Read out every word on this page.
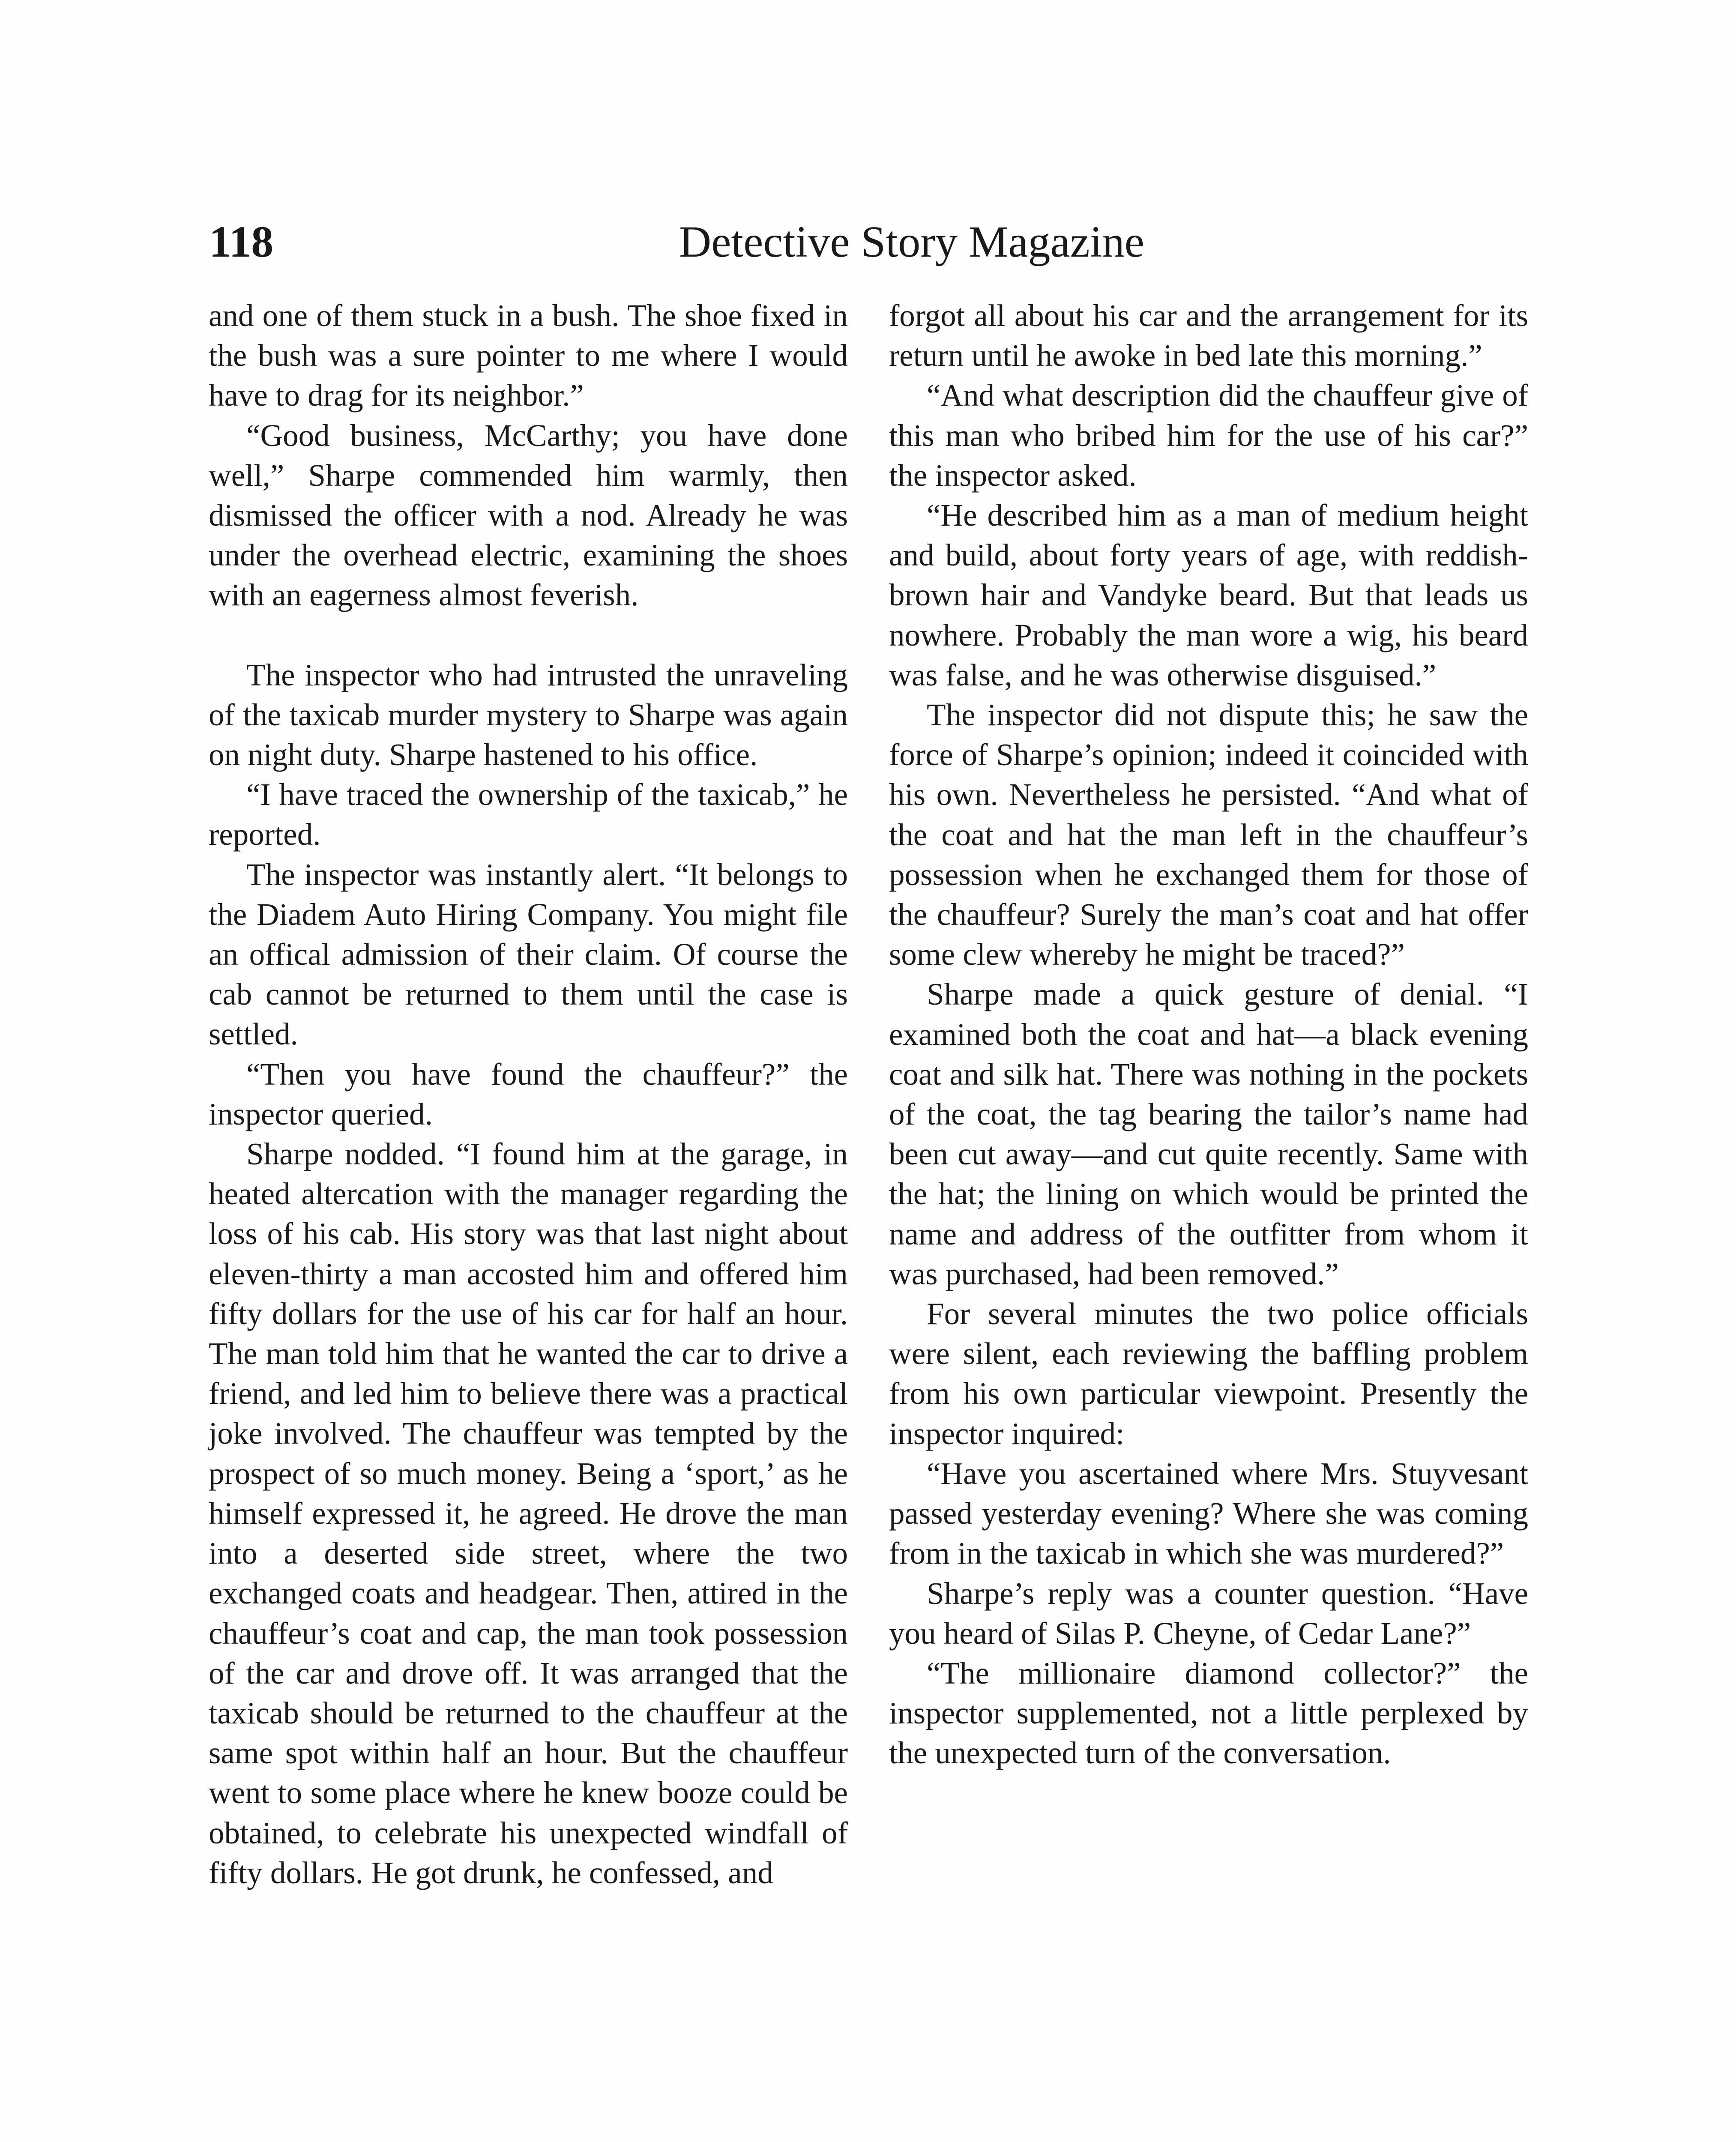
118	Detective Story Magazine

and one of them stuck in a bush. The shoe fixed in the bush was a sure pointer to me where I would have to drag for its neighbor.”

“Good business, McCarthy; you have done well,” Sharpe commended him warmly, then dismissed the officer with a nod. Already he was under the overhead electric, examining the shoes with an eagerness almost feverish.

The inspector who had intrusted the unraveling of the taxicab murder mystery to Sharpe was again on night duty. Sharpe hastened to his office.

“I have traced the ownership of the taxicab,” he reported.

The inspector was instantly alert. “It belongs to the Diadem Auto Hiring Company. You might file an offical admission of their claim. Of course the cab cannot be returned to them until the case is settled.

“Then you have found the chauffeur?” the inspector queried.

Sharpe nodded. “I found him at the garage, in heated altercation with the manager regarding the loss of his cab. His story was that last night about eleven-thirty a man accosted him and offered him fifty dollars for the use of his car for half an hour. The man told him that he wanted the car to drive a friend, and led him to believe there was a practical joke involved. The chauffeur was tempted by the prospect of so much money. Being a ‘sport,’ as he himself expressed it, he agreed. He drove the man into a deserted side street, where the two exchanged coats and headgear. Then, attired in the chauffeur’s coat and cap, the man took possession of the car and drove off. It was arranged that the taxicab should be returned to the chauffeur at the same spot within half an hour. But the chauffeur went to some place where he knew booze could be obtained, to celebrate his unexpected windfall of fifty dollars. He got drunk, he confessed, and

forgot all about his car and the arrangement for its return until he awoke in bed late this morning.”

“And what description did the chauffeur give of this man who bribed him for the use of his car?” the inspector asked.

“He described him as a man of medium height and build, about forty years of age, with reddish-brown hair and Vandyke beard. But that leads us nowhere. Probably the man wore a wig, his beard was false, and he was otherwise disguised.”

The inspector did not dispute this; he saw the force of Sharpe’s opinion; indeed it coincided with his own. Nevertheless he persisted. “And what of the coat and hat the man left in the chauffeur’s possession when he exchanged them for those of the chauffeur? Surely the man’s coat and hat offer some clew whereby he might be traced?”

Sharpe made a quick gesture of denial. “I examined both the coat and hat—a black evening coat and silk hat. There was nothing in the pockets of the coat, the tag bearing the tailor’s name had been cut away—and cut quite recently. Same with the hat; the lining on which would be printed the name and address of the outfitter from whom it was purchased, had been removed.”

For several minutes the two police officials were silent, each reviewing the baffling problem from his own particular viewpoint. Presently the inspector inquired:

“Have you ascertained where Mrs. Stuyvesant passed yesterday evening? Where she was coming from in the taxicab in which she was murdered?”

Sharpe’s reply was a counter question. “Have you heard of Silas P. Cheyne, of Cedar Lane?”

“The millionaire diamond collector?” the inspector supplemented, not a little perplexed by the unexpected turn of the conversation.
